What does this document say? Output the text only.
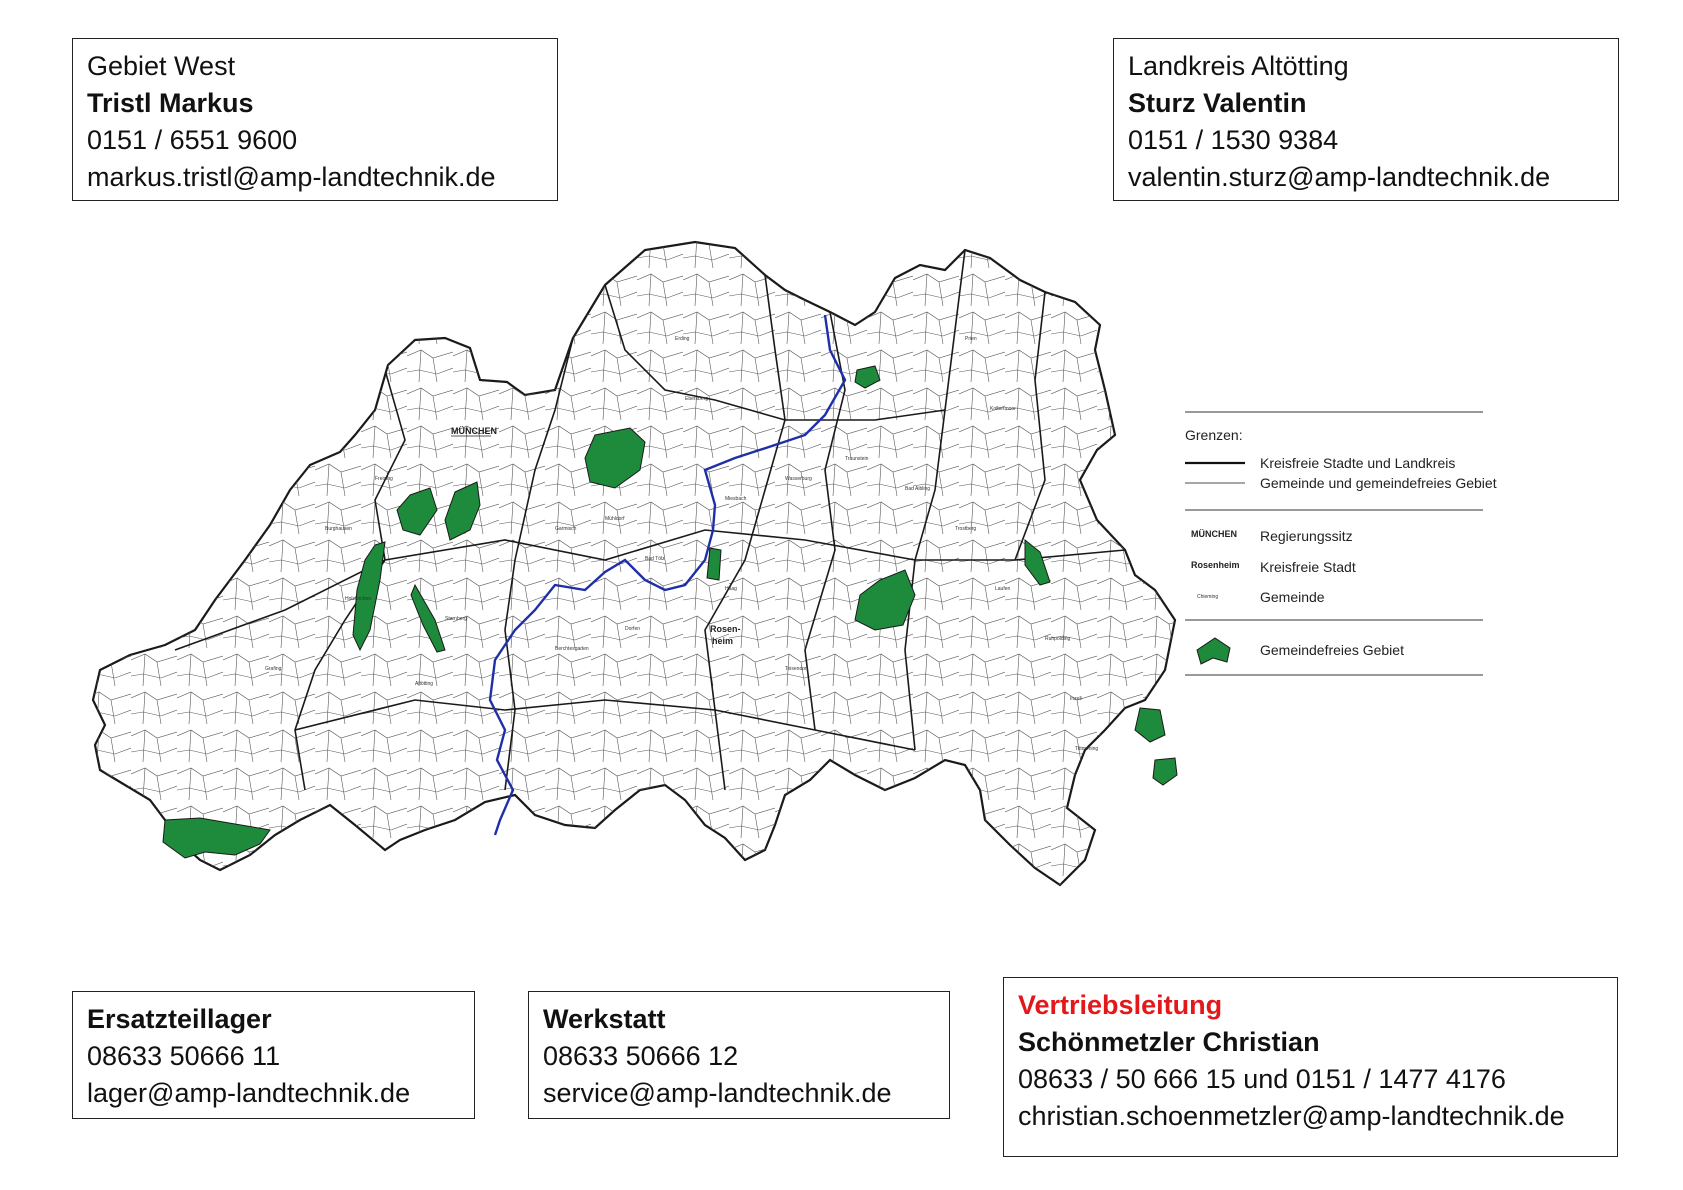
Gebiet West
Tristl Markus
0151 / 6551 9600
markus.tristl@amp-landtechnik.de
Landkreis Altötting
Sturz Valentin
0151 / 1530 9384
valentin.sturz@amp-landtechnik.de
MÜNCHEN
Rosen-
heim
Erding
Ebersberg
Mühldorf
Wasserburg
Traunstein
Miesbach
Bad Tölz
Garmisch
Starnberg
Freising
Burghausen
Altötting
Prien
Kolbermoor
Bad Aibling
Trostberg
Laufen
Teisendorf
Ruhpolding
Inzell
Berchtesgaden
Holzkirchen
Grafing
Haag
Dorfen
Tittmoning
Grenzen:
Kreisfreie Stadte und Landkreis
Gemeinde und gemeindefreies Gebiet
MÜNCHEN Regierungssitz
Rosenheim Kreisfreie Stadt
Chieming	Gemeinde
Gemeindefreies Gebiet
Ersatzteillager
08633 50666 11
lager@amp-landtechnik.de
Werkstatt
08633 50666 12
service@amp-landtechnik.de
Vertriebsleitung
Schönmetzler Christian
08633 / 50 666 15 und 0151 / 1477 4176
christian.schoenmetzler@amp-landtechnik.de
